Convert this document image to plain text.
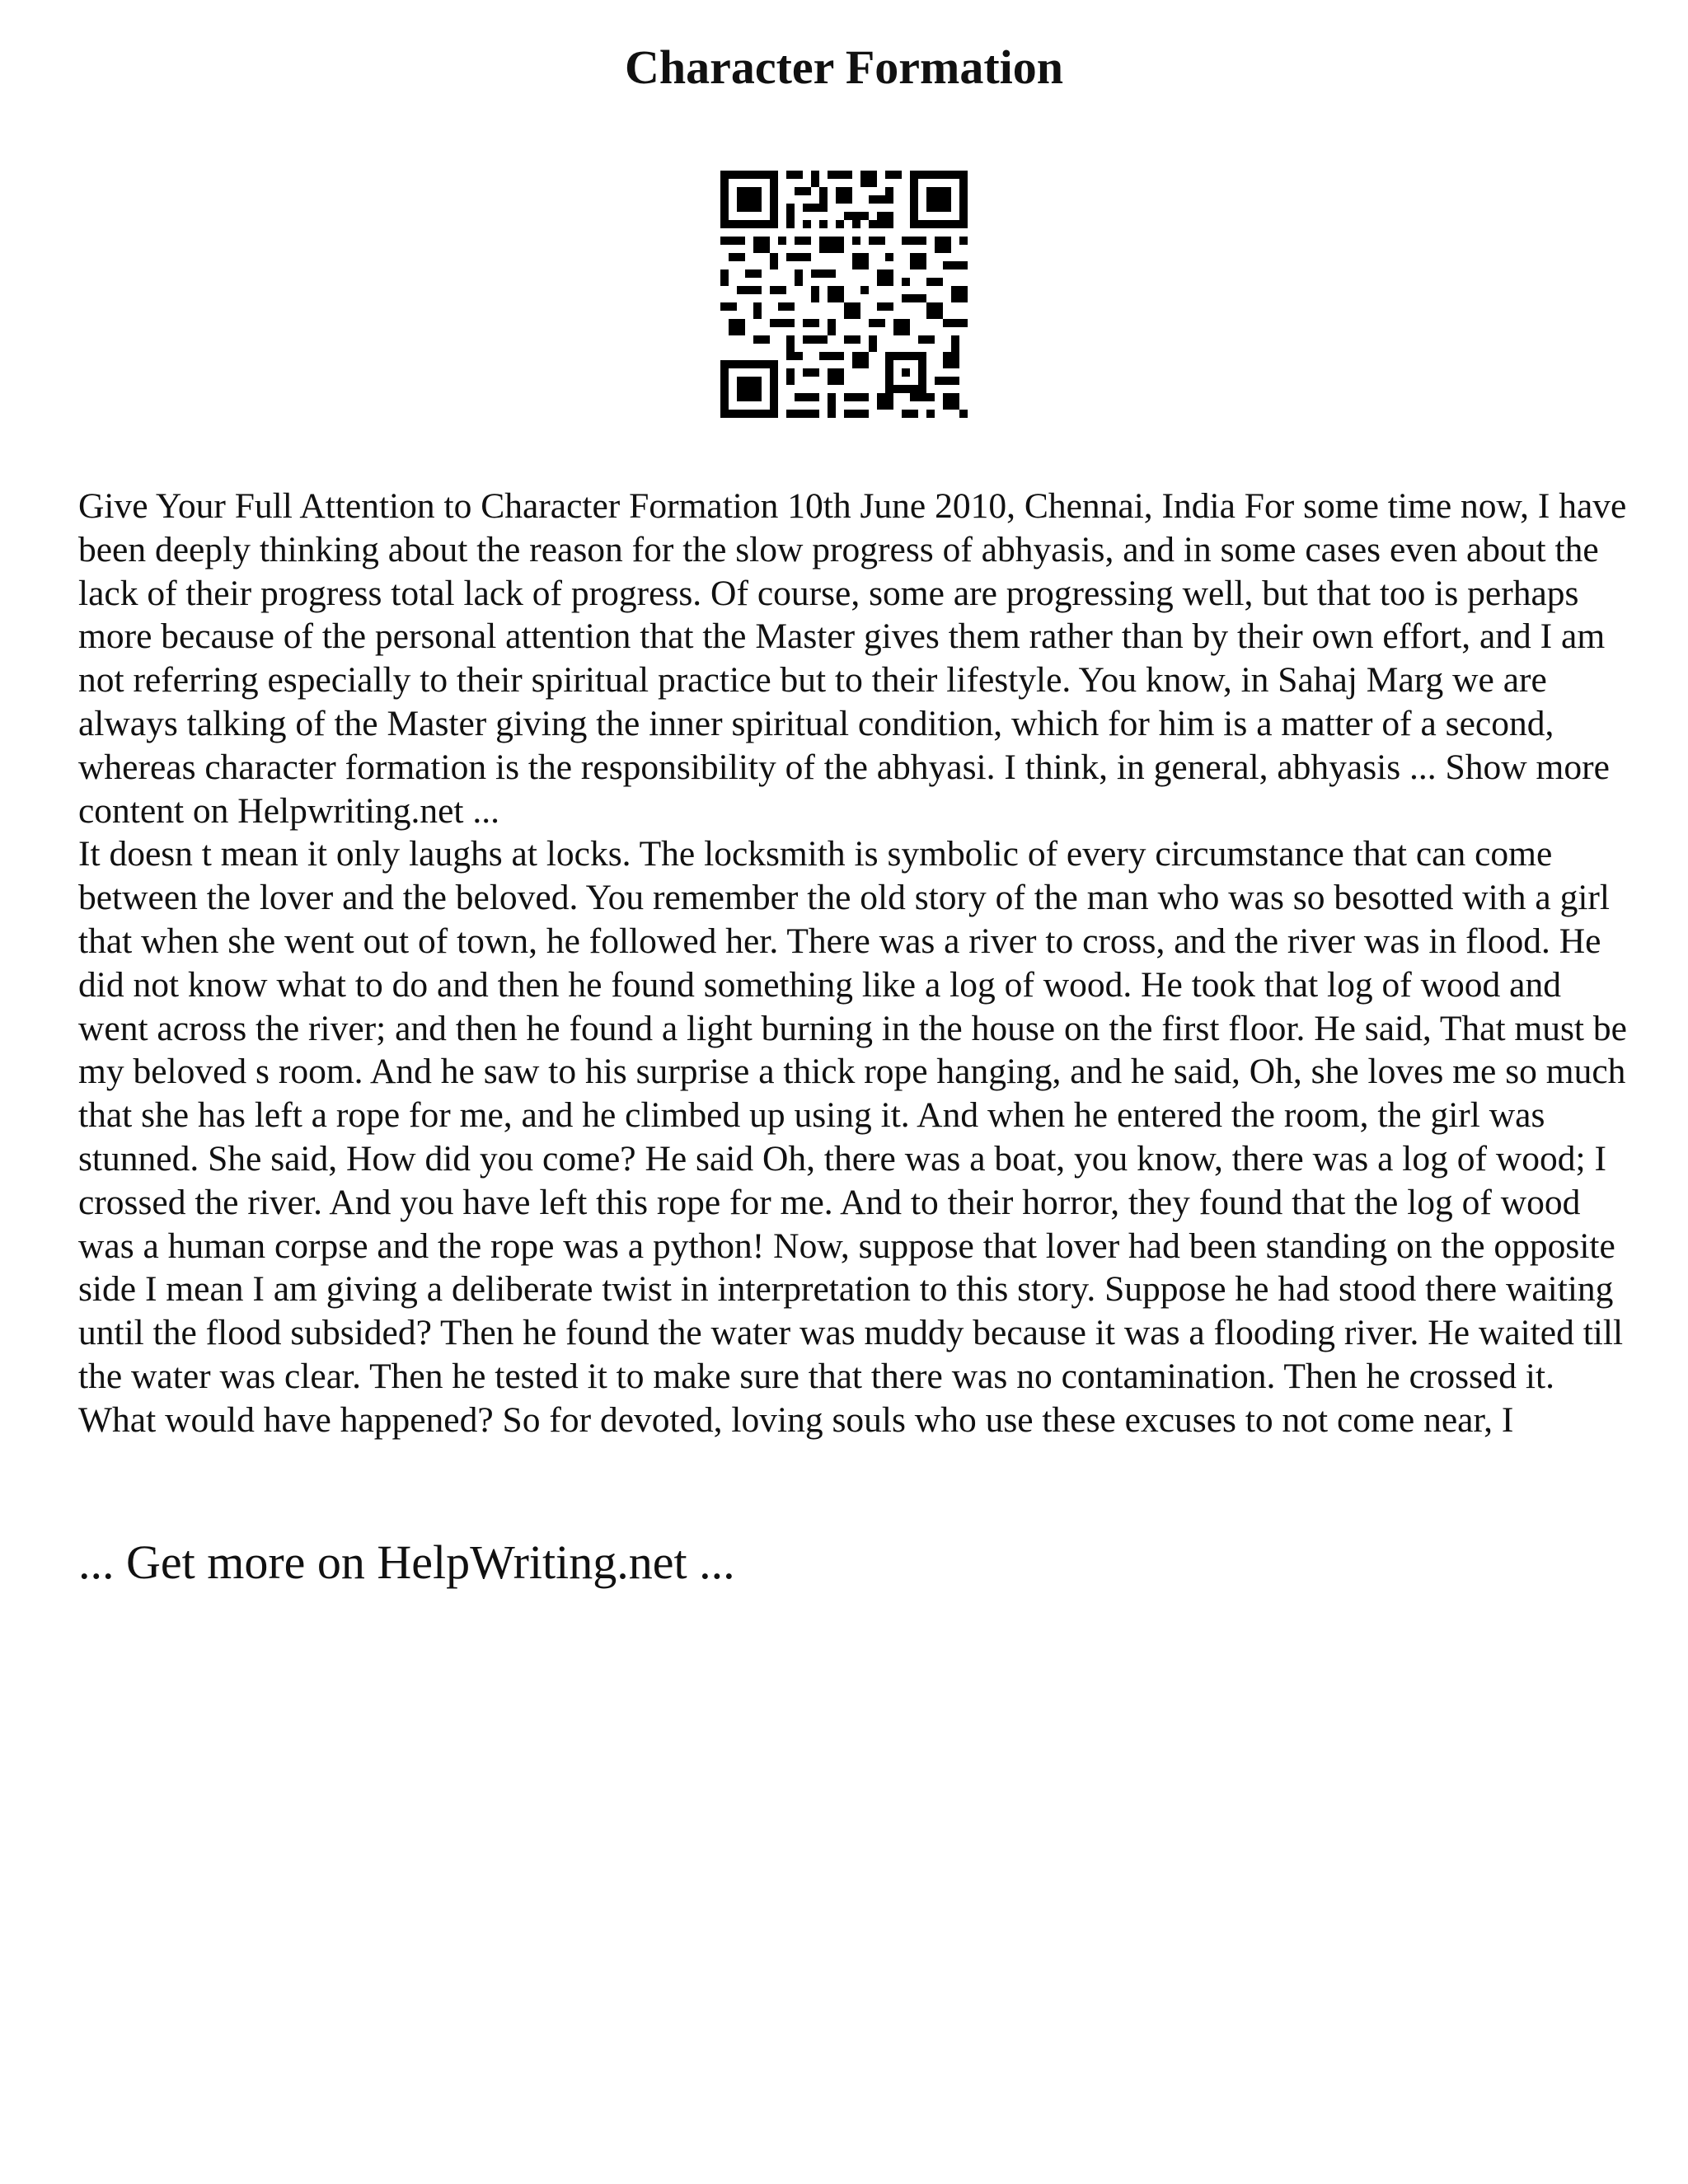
Character Formation

Give Your Full Attention to Character Formation 10th June 2010, Chennai, India For some time now, I have been deeply thinking about the reason for the slow progress of abhyasis, and in some cases even about the lack of their progress total lack of progress. Of course, some are progressing well, but that too is perhaps more because of the personal attention that the Master gives them rather than by their own effort, and I am not referring especially to their spiritual practice but to their lifestyle. You know, in Sahaj Marg we are always talking of the Master giving the inner spiritual condition, which for him is a matter of a second, whereas character formation is the responsibility of the abhyasi. I think, in general, abhyasis ... Show more content on Helpwriting.net ...

It doesn t mean it only laughs at locks. The locksmith is symbolic of every circumstance that can come between the lover and the beloved. You remember the old story of the man who was so besotted with a girl that when she went out of town, he followed her. There was a river to cross, and the river was in flood. He did not know what to do and then he found something like a log of wood. He took that log of wood and went across the river; and then he found a light burning in the house on the first floor. He said, That must be my beloved s room. And he saw to his surprise a thick rope hanging, and he said, Oh, she loves me so much that she has left a rope for me, and he climbed up using it. And when he entered the room, the girl was stunned. She said, How did you come? He said Oh, there was a boat, you know, there was a log of wood; I crossed the river. And you have left this rope for me. And to their horror, they found that the log of wood was a human corpse and the rope was a python! Now, suppose that lover had been standing on the opposite side I mean I am giving a deliberate twist in interpretation to this story. Suppose he had stood there waiting until the flood subsided? Then he found the water was muddy because it was a flooding river. He waited till the water was clear. Then he tested it to make sure that there was no contamination. Then he crossed it. What would have happened? So for devoted, loving souls who use these excuses to not come near, I

... Get more on HelpWriting.net ...
